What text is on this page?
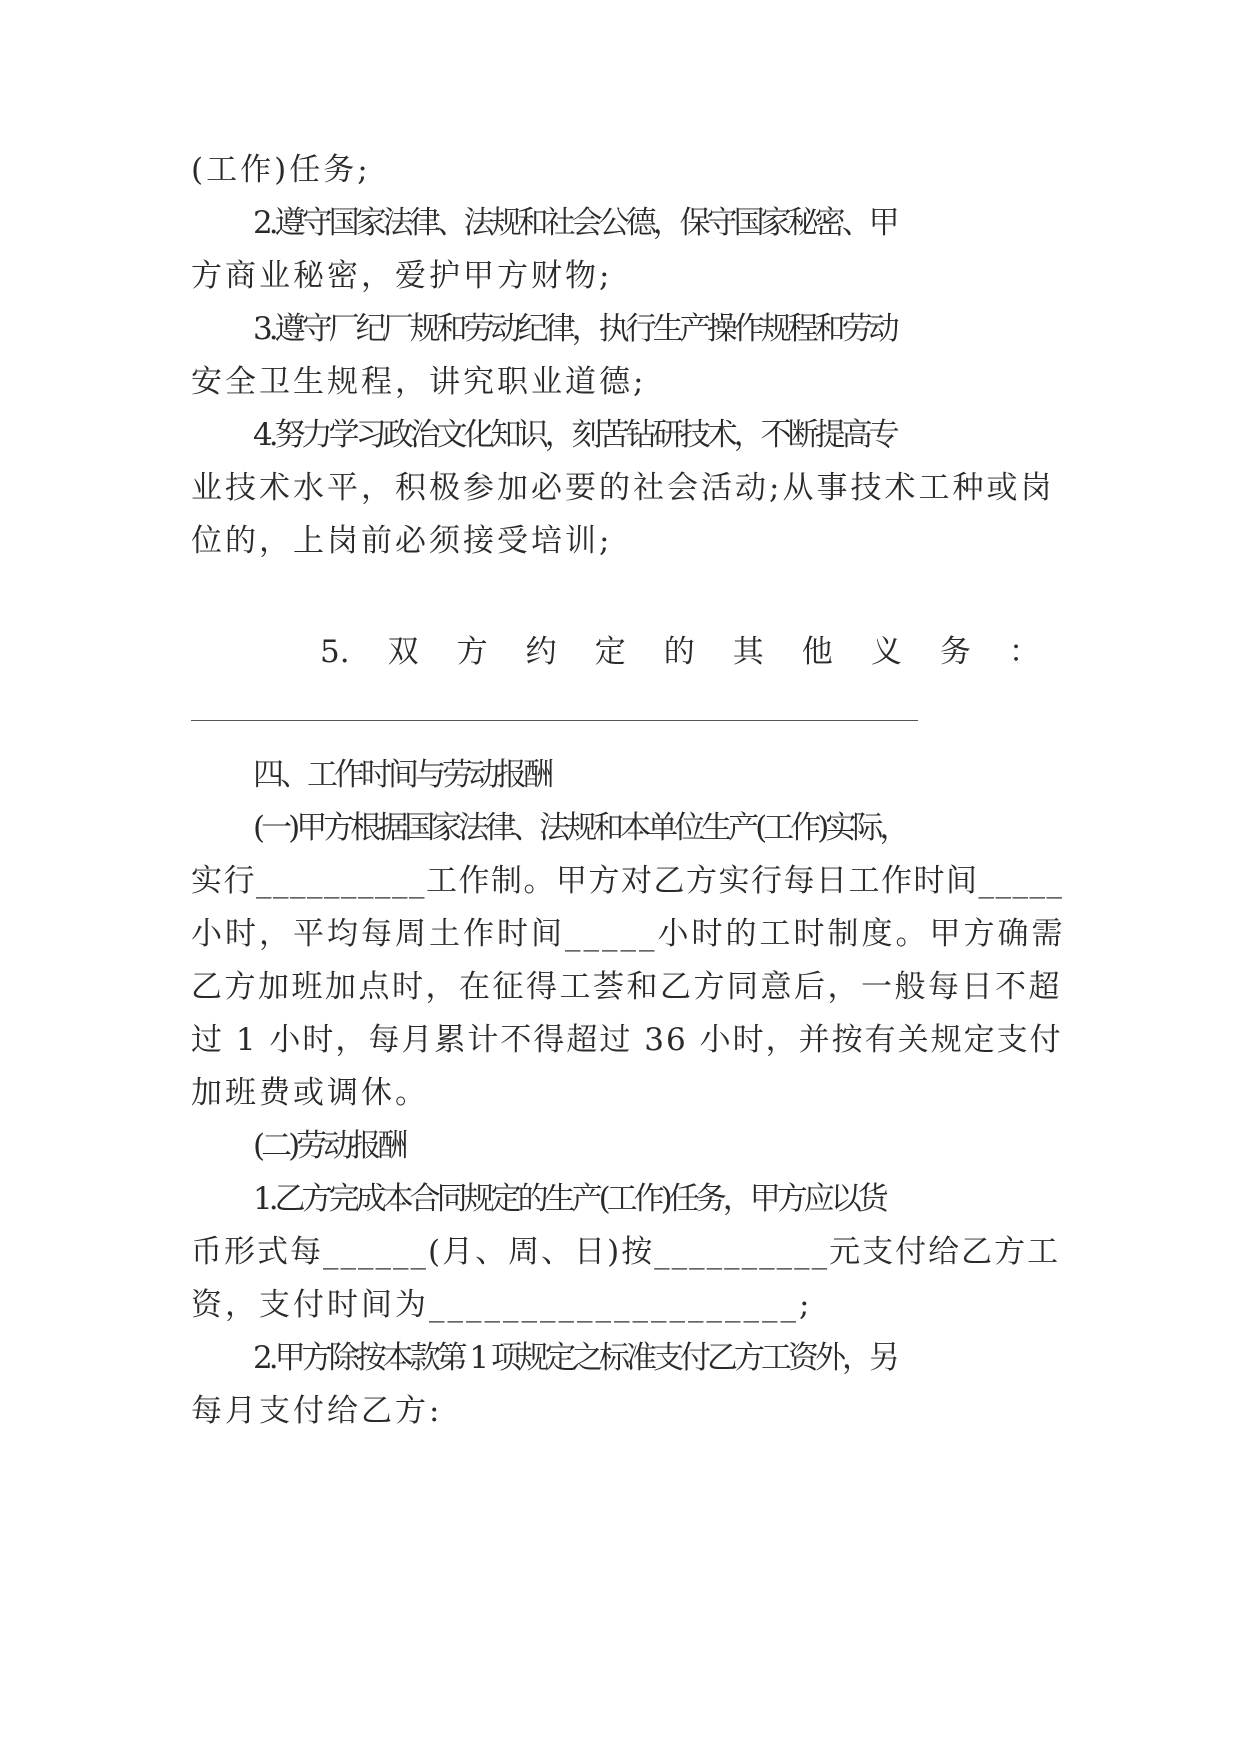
(工作)任务;
2.遵守国家法律、法规和社会公德，保守国家秘密、甲
方商业秘密，爱护甲方财物;
3.遵守厂纪厂规和劳动纪律，执行生产操作规程和劳动
安全卫生规程，讲究职业道德;
4.努力学习政治文化知识，刻苦钻研技术，不断提高专
业技术水平，积极参加必要的社会活动;从事技术工种或岗
位的，上岗前必须接受培训;
5. 双 方 约 定 的 其 他 义 务 ：
四、工作时间与劳动报酬
(一)甲方根据国家法律、法规和本单位生产(工作)实际，
实行__________工作制。甲方对乙方实行每日工作时间_____
小时，平均每周土作时间_____小时的工时制度。甲方确需
乙方加班加点时，在征得工荟和乙方同意后，一般每日不超
过 1 小时，每月累计不得超过 36 小时，并按有关规定支付
加班费或调休。
(二)劳动报酬
1.乙方完成本合同规定的生产(工作)任务，甲方应以货
币形式每______(月、周、日)按__________元支付给乙方工
资，支付时间为____________________;
2.甲方除按本款第 1 项规定之标准支付乙方工资外，另
每月支付给乙方:
